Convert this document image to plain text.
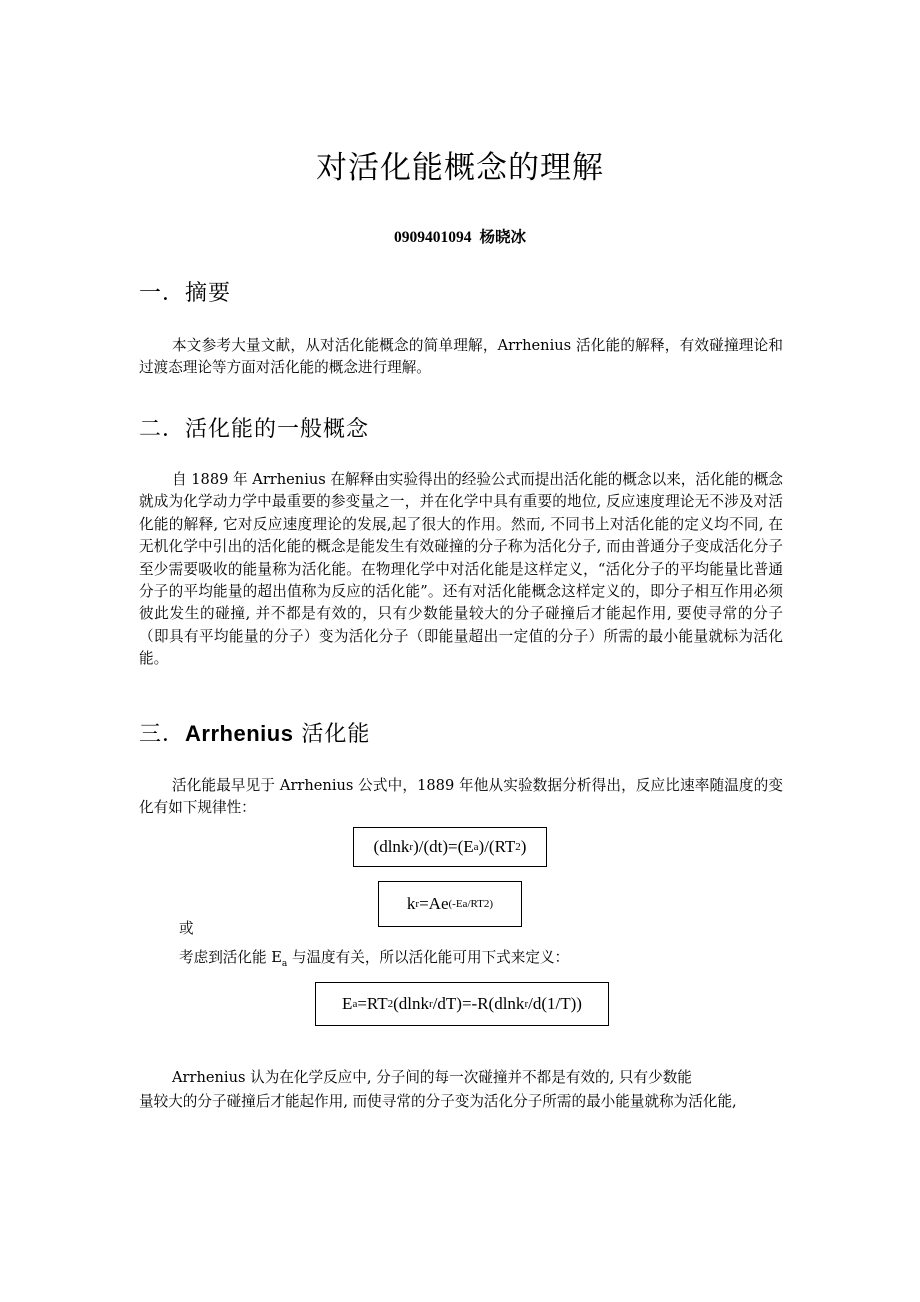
对活化能概念的理解
0909401094 杨晓冰
一．摘要

本文参考大量文献，从对活化能概念的简单理解，Arrhenius 活化能的解释，有效碰撞理论和过渡态理论等方面对活化能的概念进行理解。

二．活化能的一般概念

自 1889 年 Arrhenius 在解释由实验得出的经验公式而提出活化能的概念以来，活化能的概念就成为化学动力学中最重要的参变量之一，并在化学中具有重要的地位, 反应速度理论无不涉及对活化能的解释, 它对反应速度理论的发展,起了很大的作用。然而, 不同书上对活化能的定义均不同, 在无机化学中引出的活化能的概念是能发生有效碰撞的分子称为活化分子, 而由普通分子变成活化分子至少需要吸收的能量称为活化能。在物理化学中对活化能是这样定义，“活化分子的平均能量比普通分子的平均能量的超出值称为反应的活化能”。还有对活化能概念这样定义的，即分子相互作用必须彼此发生的碰撞, 并不都是有效的，只有少数能量较大的分子碰撞后才能起作用, 要使寻常的分子（即具有平均能量的分子）变为活化分子（即能量超出一定值的分子）所需的最小能量就标为活化能。

三．Arrhenius 活化能

活化能最早见于 Arrhenius 公式中，1889 年他从实验数据分析得出，反应比速率随温度的变化有如下规律性：

(dlnk r )/(dt)=(E a )/(RT 2 )
k r =Ae (-Ea/RT2)
或
考虑到活化能 $E_a$ 与温度有关，所以活化能可用下式来定义：
E a =RT 2 (dlnk r /dT)=-R(dlnk r /d(1/T))

Arrhenius 认为在化学反应中, 分子间的每一次碰撞并不都是有效的, 只有少数能

量较大的分子碰撞后才能起作用, 而使寻常的分子变为活化分子所需的最小能量就称为活化能,
